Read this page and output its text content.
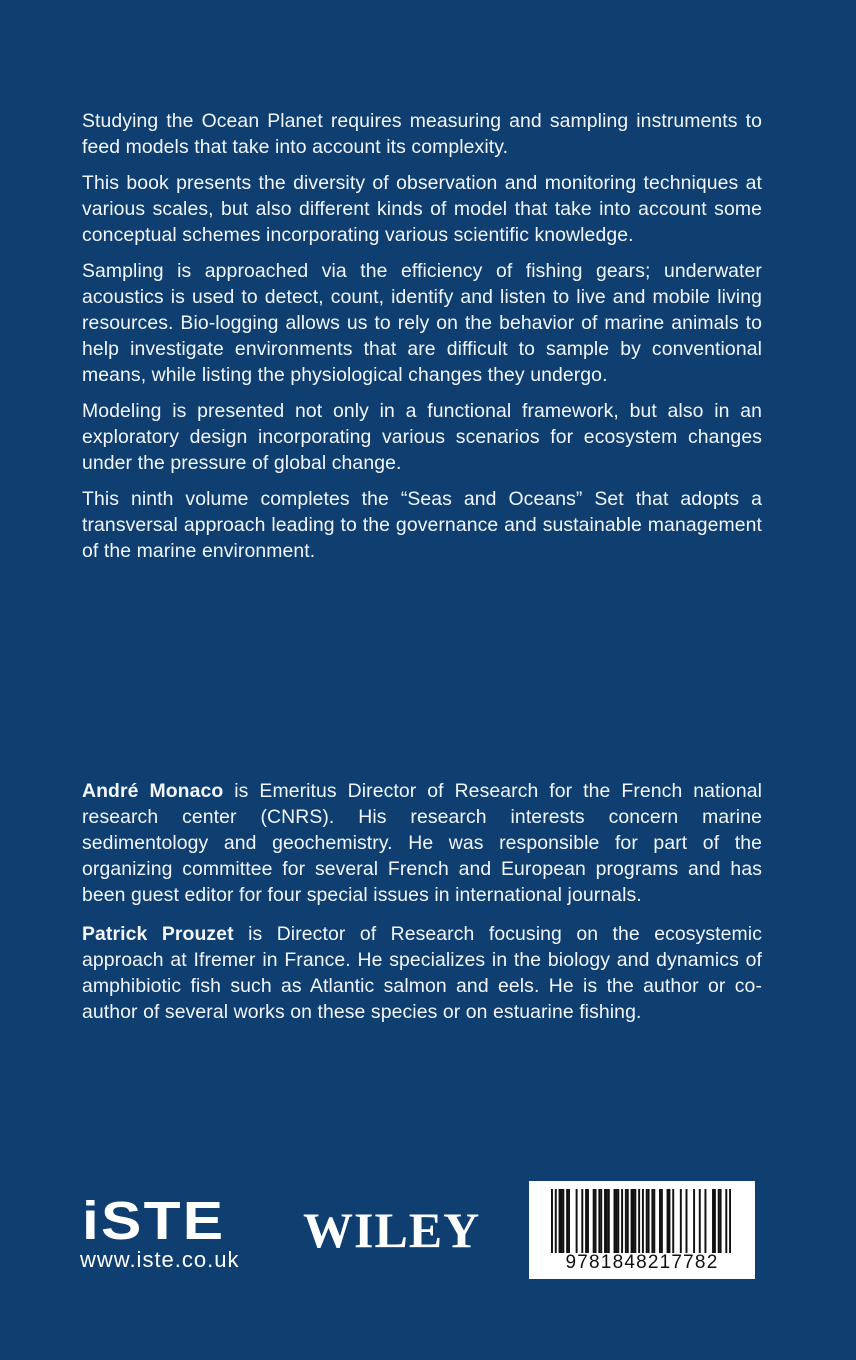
Studying the Ocean Planet requires measuring and sampling instruments to feed models that take into account its complexity.

This book presents the diversity of observation and monitoring techniques at various scales, but also different kinds of model that take into account some conceptual schemes incorporating various scientific knowledge.

Sampling is approached via the efficiency of fishing gears; underwater acoustics is used to detect, count, identify and listen to live and mobile living resources. Bio-logging allows us to rely on the behavior of marine animals to help investigate environments that are difficult to sample by conventional means, while listing the physiological changes they undergo.

Modeling is presented not only in a functional framework, but also in an exploratory design incorporating various scenarios for ecosystem changes under the pressure of global change.

This ninth volume completes the “Seas and Oceans” Set that adopts a transversal approach leading to the governance and sustainable management of the marine environment.

André Monaco is Emeritus Director of Research for the French national research center (CNRS). His research interests concern marine sedimentology and geochemistry. He was responsible for part of the organizing committee for several French and European programs and has been guest editor for four special issues in international journals.

Patrick Prouzet is Director of Research focusing on the ecosystemic approach at Ifremer in France. He specializes in the biology and dynamics of amphibiotic fish such as Atlantic salmon and eels. He is the author or co-author of several works on these species or on estuarine fishing.

iSTE
www.iste.co.uk
WILEY
9781848217782
